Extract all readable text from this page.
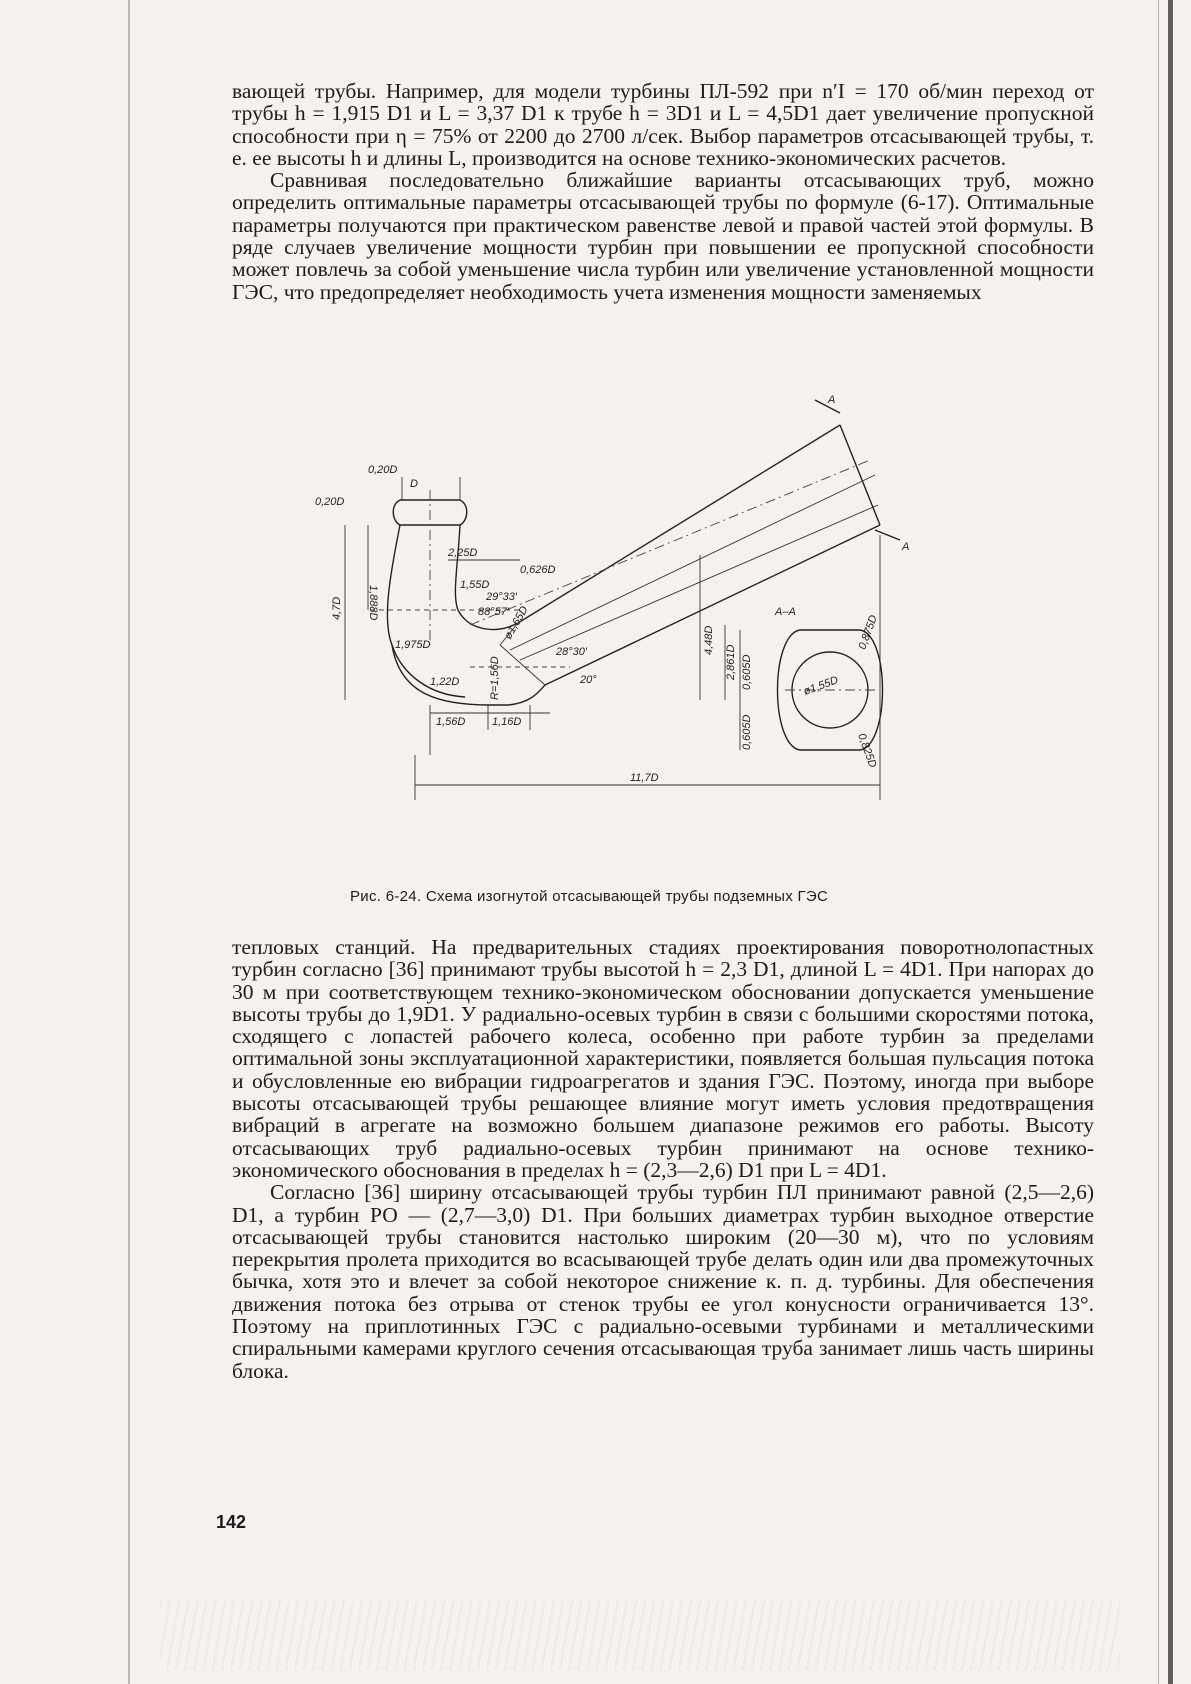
вающей трубы. Например, для модели турбины ПЛ-592 при n′I = 170 об/мин переход от трубы h = 1,915 D1 и L = 3,37 D1 к трубе h = 3D1 и L = 4,5D1 дает увеличение пропускной способности при η = 75% от 2200 до 2700 л/сек. Выбор параметров отсасывающей трубы, т. е. ее высоты h и длины L, производится на основе технико-экономических расчетов.

Сравнивая последовательно ближайшие варианты отсасывающих труб, можно определить оптимальные параметры отсасывающей трубы по формуле (6-17). Оптимальные параметры получаются при практическом равенстве левой и правой частей этой формулы. В ряде случаев увеличение мощности турбин при повышении ее пропускной способности может повлечь за собой уменьшение числа турбин или увеличение установленной мощности ГЭС, что предопределяет необходимость учета изменения мощности заменяемых

0,20D
D
0,20D
1,888D
4,7D
2,25D
0,626D
1,55D
29°33′
88°57′
1,975D
ø1,65D
28°30′	4,48D
2,861D
1,22D	R=1,56D	20°
1,56D 1,16D
11,7D
А–А
А
А
0,875D
0,605D
0,605D	ø1,55D
0,825D
Рис. 6-24. Схема изогнутой отсасывающей трубы подземных ГЭС

тепловых станций. На предварительных стадиях проектирования поворотнолопастных турбин согласно [36] принимают трубы высотой h = 2,3 D1, длиной L = 4D1. При напорах до 30 м при соответствующем технико-экономическом обосновании допускается уменьшение высоты трубы до 1,9D1. У радиально-осевых турбин в связи с большими скоростями потока, сходящего с лопастей рабочего колеса, особенно при работе турбин за пределами оптимальной зоны эксплуатационной характеристики, появляется большая пульсация потока и обусловленные ею вибрации гидроагрегатов и здания ГЭС. Поэтому, иногда при выборе высоты отсасывающей трубы решающее влияние могут иметь условия предотвращения вибраций в агрегате на возможно большем диапазоне режимов его работы. Высоту отсасывающих труб радиально-осевых турбин принимают на основе технико-экономического обоснования в пределах h = (2,3—2,6) D1 при L = 4D1.

Согласно [36] ширину отсасывающей трубы турбин ПЛ принимают равной (2,5—2,6) D1, а турбин РО — (2,7—3,0) D1. При больших диаметрах турбин выходное отверстие отсасывающей трубы становится настолько широким (20—30 м), что по условиям перекрытия пролета приходится во всасывающей трубе делать один или два промежуточных бычка, хотя это и влечет за собой некоторое снижение к. п. д. турбины. Для обеспечения движения потока без отрыва от стенок трубы ее угол конусности ограничивается 13°. Поэтому на приплотинных ГЭС с радиально-осевыми турбинами и металлическими спиральными камерами круглого сечения отсасывающая труба занимает лишь часть ширины блока.

142
